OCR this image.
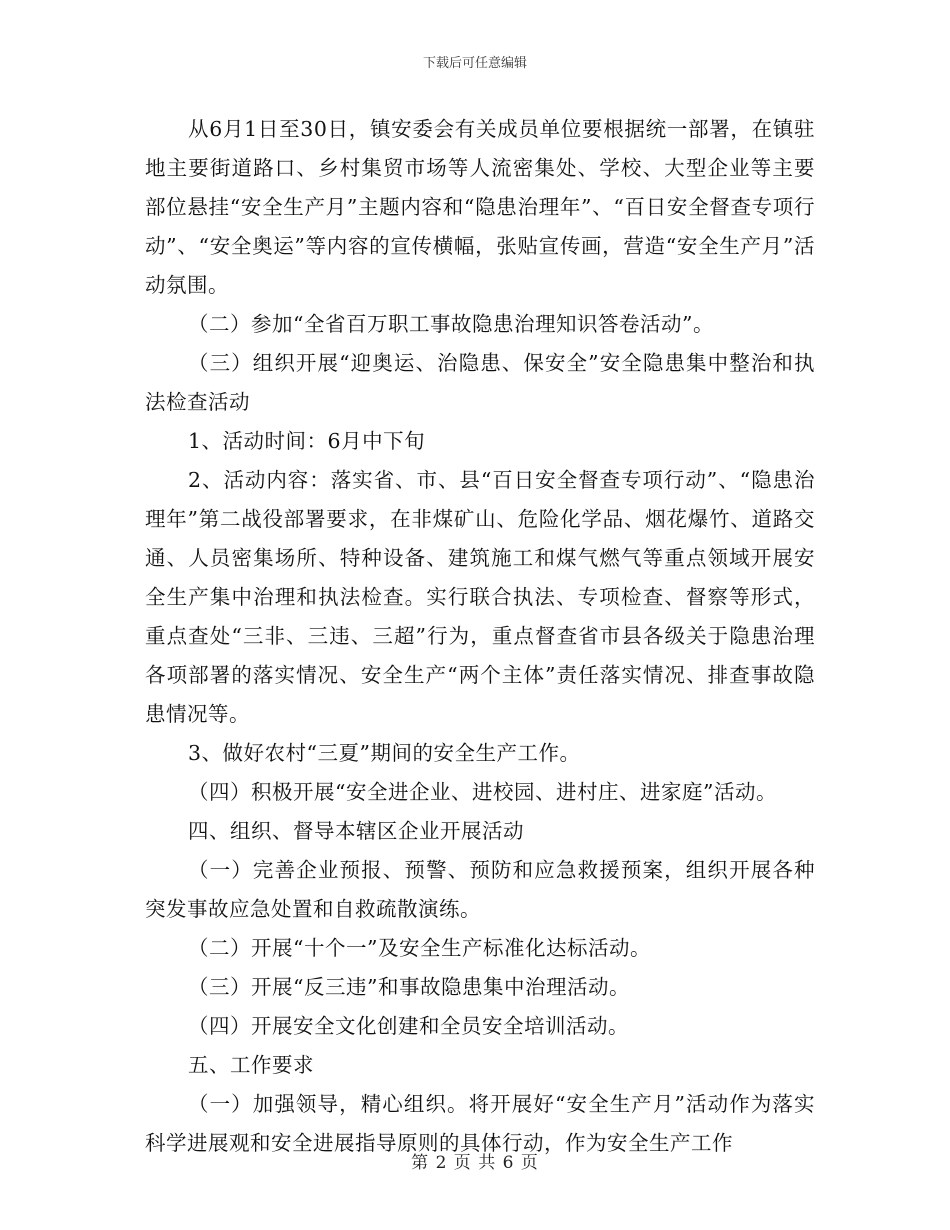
下载后可任意编辑

从6月1日至30日，镇安委会有关成员单位要根据统一部署，在镇驻地主要街道路口、乡村集贸市场等人流密集处、学校、大型企业等主要部位悬挂“安全生产月”主题内容和“隐患治理年”、“百日安全督查专项行动”、“安全奥运”等内容的宣传横幅，张贴宣传画，营造“安全生产月”活动氛围。

（二）参加“全省百万职工事故隐患治理知识答卷活动”。

（三）组织开展“迎奥运、治隐患、保安全”安全隐患集中整治和执法检查活动

1、活动时间：6月中下旬

2、活动内容：落实省、市、县“百日安全督查专项行动”、“隐患治理年”第二战役部署要求，在非煤矿山、危险化学品、烟花爆竹、道路交通、人员密集场所、特种设备、建筑施工和煤气燃气等重点领域开展安全生产集中治理和执法检查。实行联合执法、专项检查、督察等形式，重点查处“三非、三违、三超”行为，重点督查省市县各级关于隐患治理各项部署的落实情况、安全生产“两个主体”责任落实情况、排查事故隐患情况等。

3、做好农村“三夏”期间的安全生产工作。

（四）积极开展“安全进企业、进校园、进村庄、进家庭”活动。

四、组织、督导本辖区企业开展活动

（一）完善企业预报、预警、预防和应急救援预案，组织开展各种突发事故应急处置和自救疏散演练。

（二）开展“十个一”及安全生产标准化达标活动。

（三）开展“反三违”和事故隐患集中治理活动。

（四）开展安全文化创建和全员安全培训活动。

五、工作要求

（一）加强领导，精心组织。将开展好“安全生产月”活动作为落实科学进展观和安全进展指导原则的具体行动，作为安全生产工作

第 2 页 共 6 页
